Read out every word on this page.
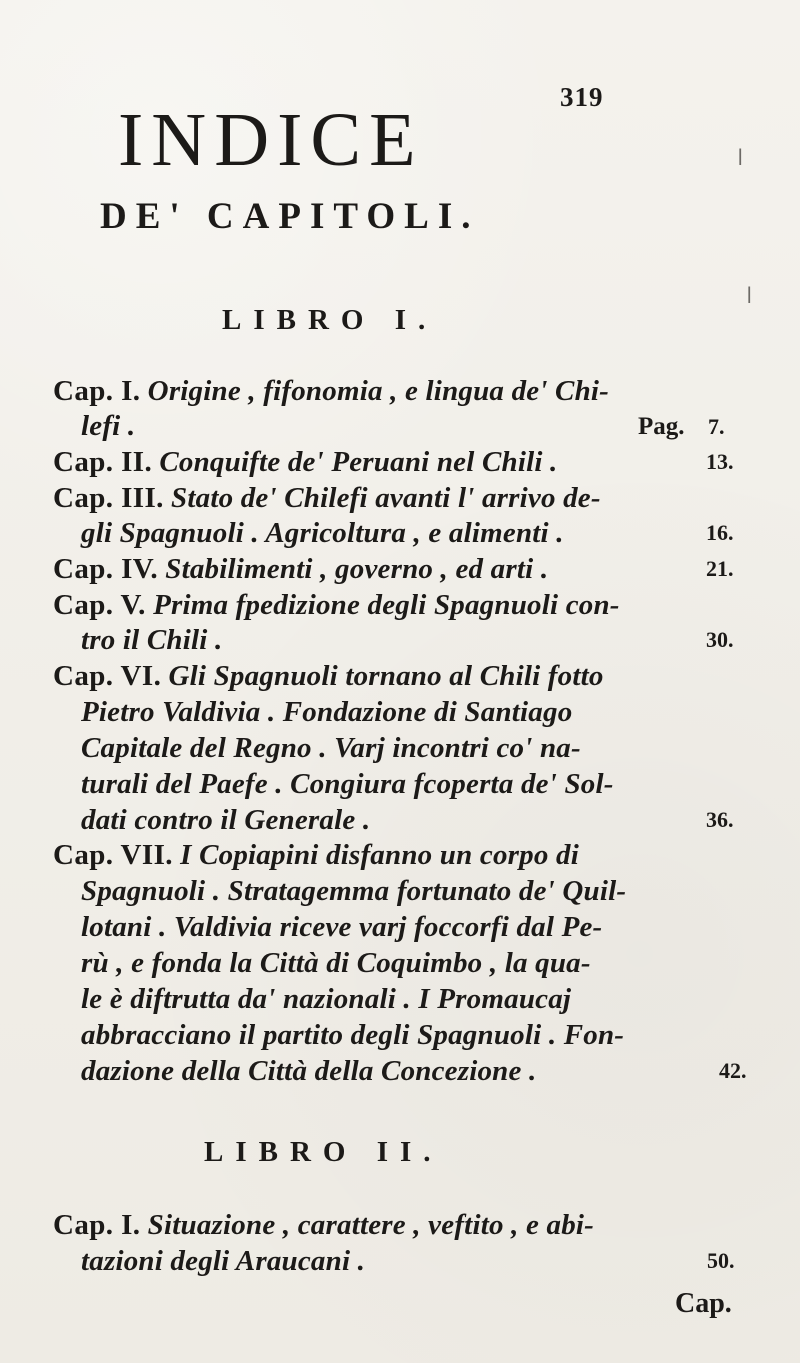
319
INDICE
DE' CAPITOLI.
ǀ
ǀ
LIBRO I.
Cap. I. Origine , fifonomia , e lingua de' Chi-
lefi .	Pag. 7.
Cap. II. Conquifte de' Peruani nel Chili .	13.
Cap. III. Stato de' Chilefi avanti l' arrivo de-
gli Spagnuoli . Agricoltura , e alimenti .	16.
Cap. IV. Stabilimenti , governo , ed arti .	21.
Cap. V. Prima fpedizione degli Spagnuoli con-
tro il Chili .	30.
Cap. VI. Gli Spagnuoli tornano al Chili fotto
Pietro Valdivia . Fondazione di Santiago
Capitale del Regno . Varj incontri co' na-
turali del Paefe . Congiura fcoperta de' Sol-
dati contro il Generale .	36.
Cap. VII. I Copiapini disfanno un corpo di
Spagnuoli . Stratagemma fortunato de' Quil-
lotani . Valdivia riceve varj foccorfi dal Pe-
rù , e fonda la Città di Coquimbo , la qua-
le è diftrutta da' nazionali . I Promaucaj
abbracciano il partito degli Spagnuoli . Fon-
dazione della Città della Concezione .	42.
LIBRO II.
Cap. I. Situazione , carattere , veftito , e abi-
tazioni degli Araucani .	50.
Cap.
